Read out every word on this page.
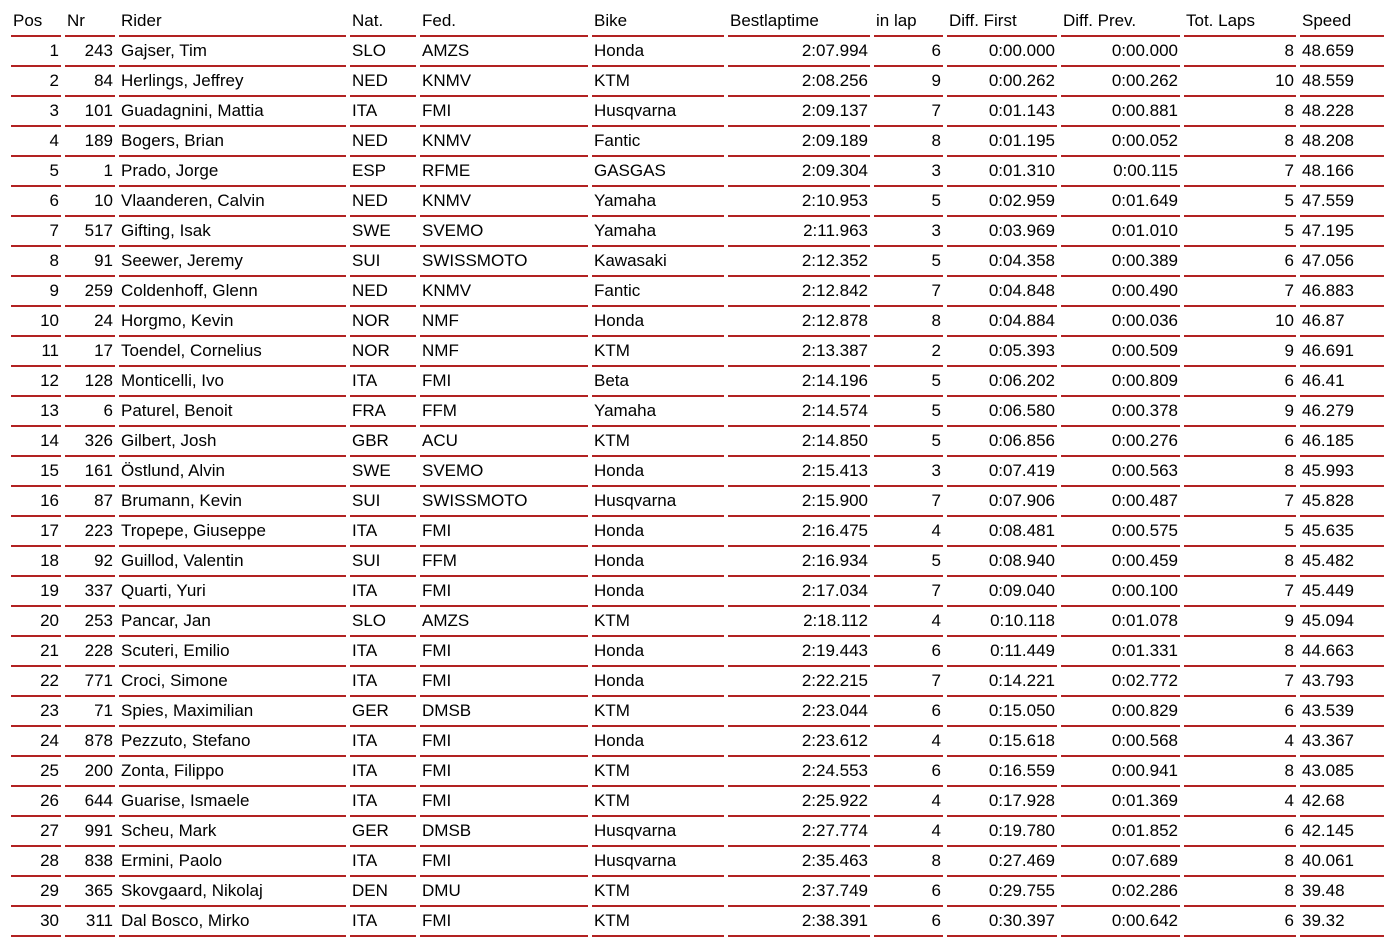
Pos	Nr	Rider	Nat.	Fed.	Bike	Bestlaptime	in lap	Diff. First	Diff. Prev.	Tot. Laps	Speed
1	243	Gajser, Tim	SLO	AMZS	Honda	2:07.994	6	0:00.000	0:00.000	8	48.659
2	84	Herlings, Jeffrey	NED	KNMV	KTM	2:08.256	9	0:00.262	0:00.262	10	48.559
3	101	Guadagnini, Mattia	ITA	FMI	Husqvarna	2:09.137	7	0:01.143	0:00.881	8	48.228
4	189	Bogers, Brian	NED	KNMV	Fantic	2:09.189	8	0:01.195	0:00.052	8	48.208
5	1	Prado, Jorge	ESP	RFME	GASGAS	2:09.304	3	0:01.310	0:00.115	7	48.166
6	10	Vlaanderen, Calvin	NED	KNMV	Yamaha	2:10.953	5	0:02.959	0:01.649	5	47.559
7	517	Gifting, Isak	SWE	SVEMO	Yamaha	2:11.963	3	0:03.969	0:01.010	5	47.195
8	91	Seewer, Jeremy	SUI	SWISSMOTO	Kawasaki	2:12.352	5	0:04.358	0:00.389	6	47.056
9	259	Coldenhoff, Glenn	NED	KNMV	Fantic	2:12.842	7	0:04.848	0:00.490	7	46.883
10	24	Horgmo, Kevin	NOR	NMF	Honda	2:12.878	8	0:04.884	0:00.036	10	46.87
11	17	Toendel, Cornelius	NOR	NMF	KTM	2:13.387	2	0:05.393	0:00.509	9	46.691
12	128	Monticelli, Ivo	ITA	FMI	Beta	2:14.196	5	0:06.202	0:00.809	6	46.41
13	6	Paturel, Benoit	FRA	FFM	Yamaha	2:14.574	5	0:06.580	0:00.378	9	46.279
14	326	Gilbert, Josh	GBR	ACU	KTM	2:14.850	5	0:06.856	0:00.276	6	46.185
15	161	Östlund, Alvin	SWE	SVEMO	Honda	2:15.413	3	0:07.419	0:00.563	8	45.993
16	87	Brumann, Kevin	SUI	SWISSMOTO	Husqvarna	2:15.900	7	0:07.906	0:00.487	7	45.828
17	223	Tropepe, Giuseppe	ITA	FMI	Honda	2:16.475	4	0:08.481	0:00.575	5	45.635
18	92	Guillod, Valentin	SUI	FFM	Honda	2:16.934	5	0:08.940	0:00.459	8	45.482
19	337	Quarti, Yuri	ITA	FMI	Honda	2:17.034	7	0:09.040	0:00.100	7	45.449
20	253	Pancar, Jan	SLO	AMZS	KTM	2:18.112	4	0:10.118	0:01.078	9	45.094
21	228	Scuteri, Emilio	ITA	FMI	Honda	2:19.443	6	0:11.449	0:01.331	8	44.663
22	771	Croci, Simone	ITA	FMI	Honda	2:22.215	7	0:14.221	0:02.772	7	43.793
23	71	Spies, Maximilian	GER	DMSB	KTM	2:23.044	6	0:15.050	0:00.829	6	43.539
24	878	Pezzuto, Stefano	ITA	FMI	Honda	2:23.612	4	0:15.618	0:00.568	4	43.367
25	200	Zonta, Filippo	ITA	FMI	KTM	2:24.553	6	0:16.559	0:00.941	8	43.085
26	644	Guarise, Ismaele	ITA	FMI	KTM	2:25.922	4	0:17.928	0:01.369	4	42.68
27	991	Scheu, Mark	GER	DMSB	Husqvarna	2:27.774	4	0:19.780	0:01.852	6	42.145
28	838	Ermini, Paolo	ITA	FMI	Husqvarna	2:35.463	8	0:27.469	0:07.689	8	40.061
29	365	Skovgaard, Nikolaj	DEN	DMU	KTM	2:37.749	6	0:29.755	0:02.286	8	39.48
30	311	Dal Bosco, Mirko	ITA	FMI	KTM	2:38.391	6	0:30.397	0:00.642	6	39.32
